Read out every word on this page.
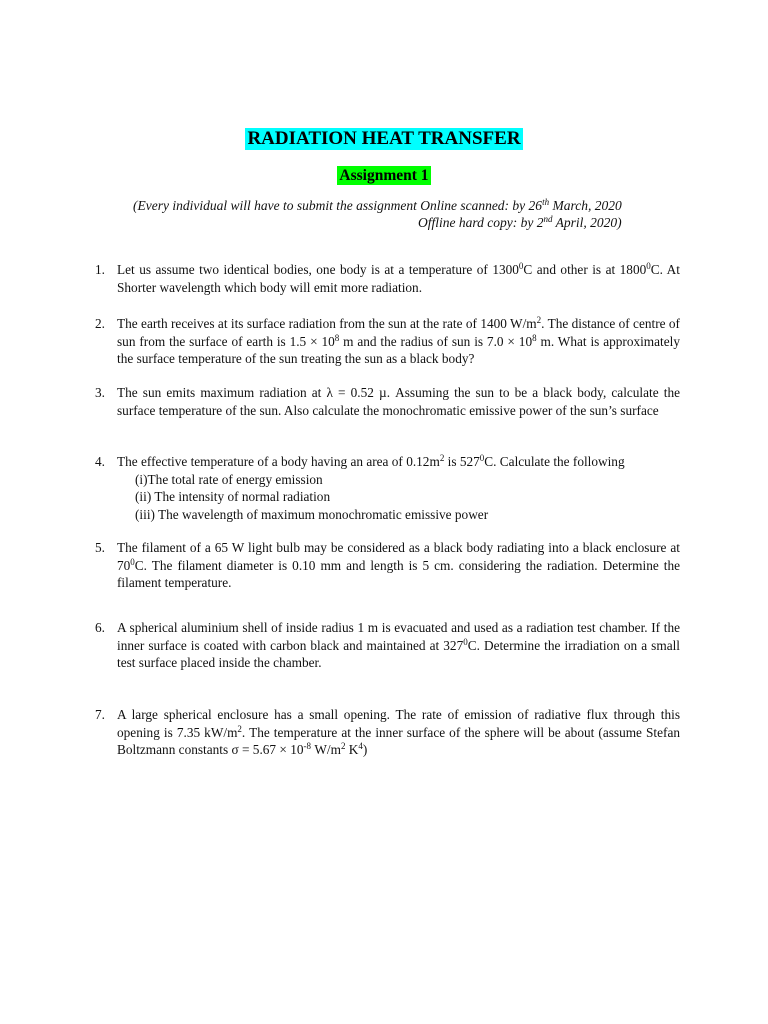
RADIATION HEAT TRANSFER
Assignment 1
(Every individual will have to submit the assignment Online scanned: by 26th March, 2020
Offline hard copy: by 2nd April, 2020)
1. Let us assume two identical bodies, one body is at a temperature of 1300$^0$C and other is at 1800$^0$C. At Shorter wavelength which body will emit more radiation.
2. The earth receives at its surface radiation from the sun at the rate of 1400 $W/m^2$. The distance of centre of sun from the surface of earth is $1.5 \times 10^8$ m and the radius of sun is $7.0 \times 10^8$ m. What is approximately the surface temperature of the sun treating the sun as a black body?
3. The sun emits maximum radiation at λ = 0.52 µ. Assuming the sun to be a black body, calculate the surface temperature of the sun. Also calculate the monochromatic emissive power of the sun’s surface
4. The effective temperature of a body having an area of $0.12m^2$ is $527^0C$. Calculate the following
(i)The total rate of energy emission
(ii) The intensity of normal radiation
(iii) The wavelength of maximum monochromatic emissive power
5. The filament of a 65 W light bulb may be considered as a black body radiating into a black enclosure at $70^0C$. The filament diameter is 0.10 mm and length is 5 cm. considering the radiation. Determine the filament temperature.
6. A spherical aluminium shell of inside radius 1 m is evacuated and used as a radiation test chamber. If the inner surface is coated with carbon black and maintained at $327^0C$. Determine the irradiation on a small test surface placed inside the chamber.
7. A large spherical enclosure has a small opening. The rate of emission of radiative flux through this opening is 7.35 $kW/m^2$. The temperature at the inner surface of the sphere will be about (assume Stefan Boltzmann constants $\sigma = 5.67 \times 10^{-8}$ $W/m^2$ $K^4$)
